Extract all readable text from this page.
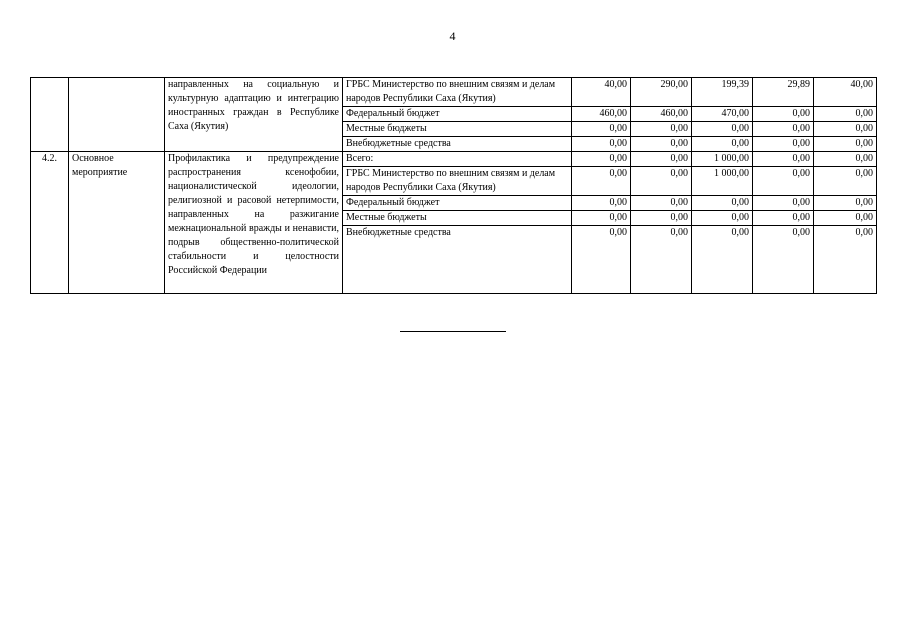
4
		направленных на социальную и культурную адаптацию и интеграцию иностранных граждан в Республике Саха (Якутия)	ГРБС Министерство по внешним связям и делам народов Республики Саха (Якутия)	40,00	290,00	199,39	29,89	40,00
			Федеральный бюджет	460,00	460,00	470,00	0,00	0,00
			Местные бюджеты	0,00	0,00	0,00	0,00	0,00
			Внебюджетные средства	0,00	0,00	0,00	0,00	0,00
4.2.	Основное мероприятие	Профилактика и предупреждение распространения ксенофобии, националистической идеологии, религиозной и расовой нетерпимости, направленных на разжигание межнациональной вражды и ненависти, подрыв общественно-политической стабильности и целостности Российской Федерации	Всего:	0,00	0,00	1 000,00	0,00	0,00
			ГРБС Министерство по внешним связям и делам народов Республики Саха (Якутия)	0,00	0,00	1 000,00	0,00	0,00
			Федеральный бюджет	0,00	0,00	0,00	0,00	0,00
			Местные бюджеты	0,00	0,00	0,00	0,00	0,00
			Внебюджетные средства	0,00	0,00	0,00	0,00	0,00
